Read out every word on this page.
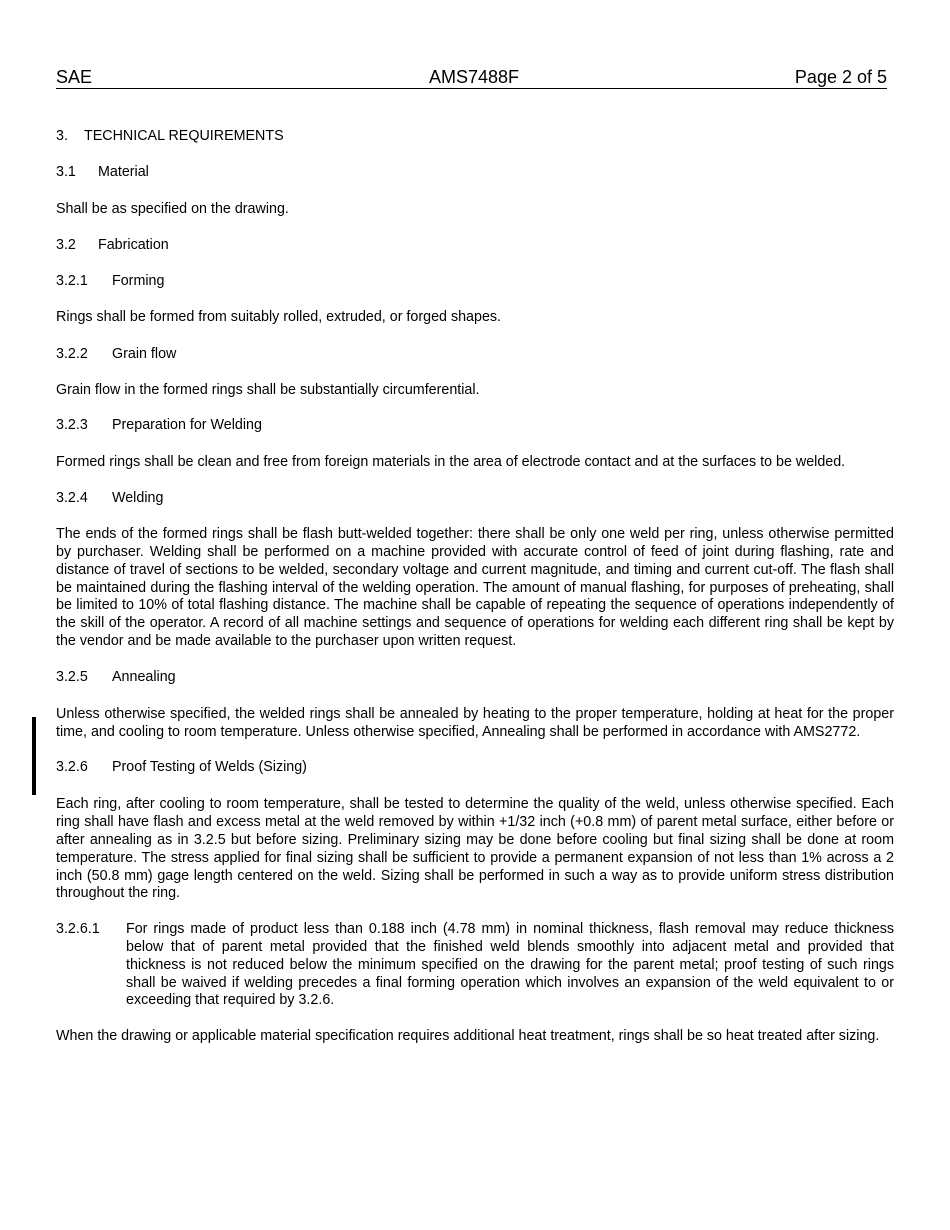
SAE	AMS7488F	Page 2 of 5

3. TECHNICAL REQUIREMENTS

3.1 Material

Shall be as specified on the drawing.

3.2 Fabrication

3.2.1 Forming

Rings shall be formed from suitably rolled, extruded, or forged shapes.

3.2.2 Grain flow

Grain flow in the formed rings shall be substantially circumferential.

3.2.3 Preparation for Welding

Formed rings shall be clean and free from foreign materials in the area of electrode contact and at the surfaces to be welded.

3.2.4 Welding

The ends of the formed rings shall be flash butt-welded together: there shall be only one weld per ring, unless otherwise permitted by purchaser. Welding shall be performed on a machine provided with accurate control of feed of joint during flashing, rate and distance of travel of sections to be welded, secondary voltage and current magnitude, and timing and current cut-off. The flash shall be maintained during the flashing interval of the welding operation. The amount of manual flashing, for purposes of preheating, shall be limited to 10% of total flashing distance. The machine shall be capable of repeating the sequence of operations independently of the skill of the operator. A record of all machine settings and sequence of operations for welding each different ring shall be kept by the vendor and be made available to the purchaser upon written request.

3.2.5 Annealing

Unless otherwise specified, the welded rings shall be annealed by heating to the proper temperature, holding at heat for the proper time, and cooling to room temperature. Unless otherwise specified, Annealing shall be performed in accordance with AMS2772.

3.2.6 Proof Testing of Welds (Sizing)

Each ring, after cooling to room temperature, shall be tested to determine the quality of the weld, unless otherwise specified. Each ring shall have flash and excess metal at the weld removed by within +1/32 inch (+0.8 mm) of parent metal surface, either before or after annealing as in 3.2.5 but before sizing. Preliminary sizing may be done before cooling but final sizing shall be done at room temperature. The stress applied for final sizing shall be sufficient to provide a permanent expansion of not less than 1% across a 2 inch (50.8 mm) gage length centered on the weld. Sizing shall be performed in such a way as to provide uniform stress distribution throughout the ring.

3.2.6.1	For rings made of product less than 0.188 inch (4.78 mm) in nominal thickness, flash removal may reduce thickness below that of parent metal provided that the finished weld blends smoothly into adjacent metal and provided that thickness is not reduced below the minimum specified on the drawing for the parent metal; proof testing of such rings shall be waived if welding precedes a final forming operation which involves an expansion of the weld equivalent to or exceeding that required by 3.2.6.

When the drawing or applicable material specification requires additional heat treatment, rings shall be so heat treated after sizing.
